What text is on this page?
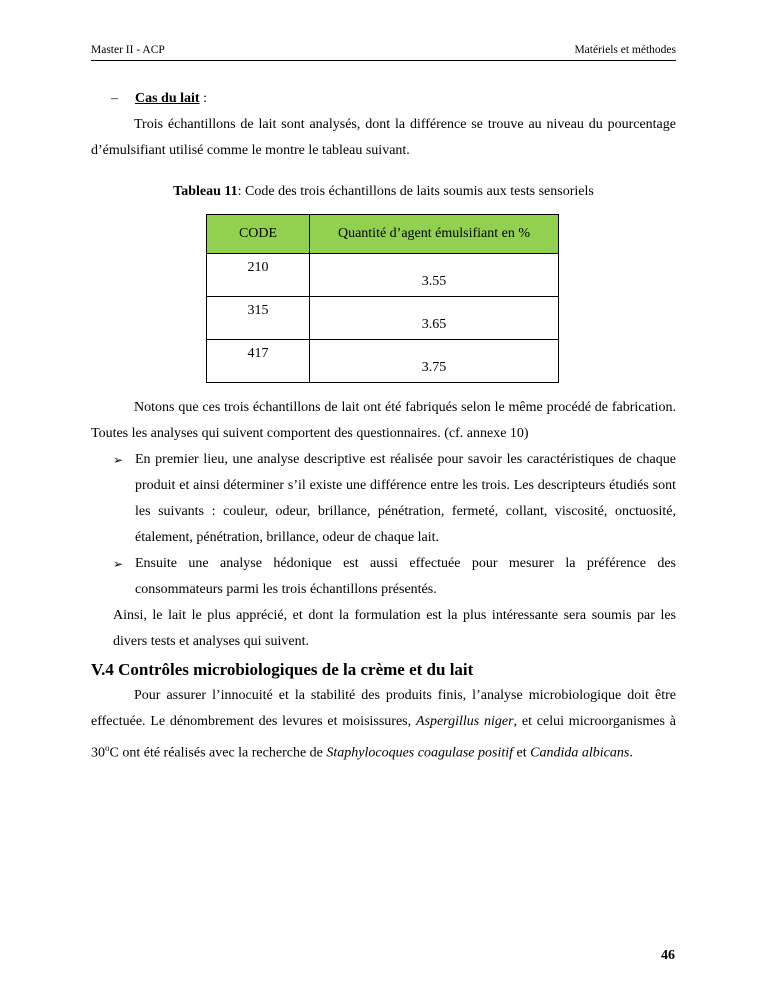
Master II - ACP	Matériels et méthodes
– Cas du lait :

Trois échantillons de lait sont analysés, dont la différence se trouve au niveau du pourcentage d’émulsifiant utilisé comme le montre le tableau suivant.

Tableau 11: Code des trois échantillons de laits soumis aux tests sensoriels
CODE	Quantité d’agent émulsifiant en %
210	3.55
315	3.65
417	3.75

Notons que ces trois échantillons de lait ont été fabriqués selon le même procédé de fabrication. Toutes les analyses qui suivent comportent des questionnaires. (cf. annexe 10)

➢ En premier lieu, une analyse descriptive est réalisée pour savoir les caractéristiques de chaque produit et ainsi déterminer s’il existe une différence entre les trois. Les descripteurs étudiés sont les suivants : couleur, odeur, brillance, pénétration, fermeté, collant, viscosité, onctuosité, étalement, pénétration, brillance, odeur de chaque lait.

➢ Ensuite une analyse hédonique est aussi effectuée pour mesurer la préférence des consommateurs parmi les trois échantillons présentés.

Ainsi, le lait le plus apprécié, et dont la formulation est la plus intéressante sera soumis par les divers tests et analyses qui suivent.

V.4 Contrôles microbiologiques de la crème et du lait

Pour assurer l’innocuité et la stabilité des produits finis, l’analyse microbiologique doit être effectuée. Le dénombrement des levures et moisissures, Aspergillus niger, et celui microorganismes à 30$^o$C ont été réalisés avec la recherche de Staphylocoques coagulase positif et Candida albicans.

46
